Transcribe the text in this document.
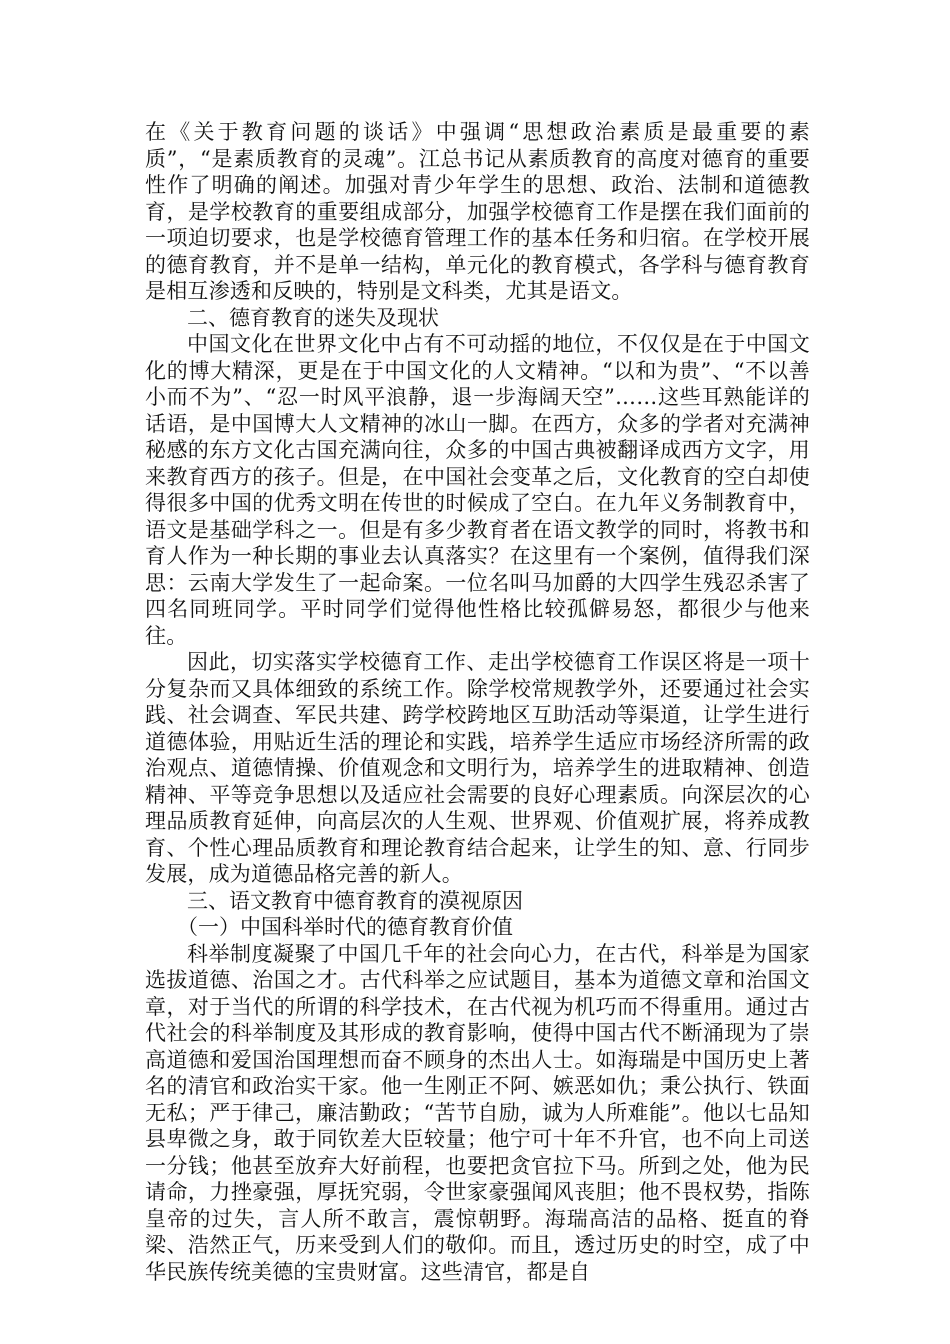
在《关于教育问题的谈话》中强调“思想政治素质是最重要的素质”，“是素质教育的灵魂”。江总书记从素质教育的高度对德育的重要性作了明确的阐述。加强对青少年学生的思想、政治、法制和道德教育，是学校教育的重要组成部分，加强学校德育工作是摆在我们面前的一项迫切要求，也是学校德育管理工作的基本任务和归宿。在学校开展的德育教育，并不是单一结构，单元化的教育模式，各学科与德育教育是相互渗透和反映的，特别是文科类，尤其是语文。

二、德育教育的迷失及现状

中国文化在世界文化中占有不可动摇的地位，不仅仅是在于中国文化的博大精深，更是在于中国文化的人文精神。“以和为贵”、“不以善小而不为”、“忍一时风平浪静，退一步海阔天空”……这些耳熟能详的话语，是中国博大人文精神的冰山一脚。在西方，众多的学者对充满神秘感的东方文化古国充满向往，众多的中国古典被翻译成西方文字，用来教育西方的孩子。但是，在中国社会变革之后，文化教育的空白却使得很多中国的优秀文明在传世的时候成了空白。在九年义务制教育中，语文是基础学科之一。但是有多少教育者在语文教学的同时，将教书和育人作为一种长期的事业去认真落实？在这里有一个案例，值得我们深思：云南大学发生了一起命案。一位名叫马加爵的大四学生残忍杀害了四名同班同学。平时同学们觉得他性格比较孤僻易怒，都很少与他来往。

因此，切实落实学校德育工作、走出学校德育工作误区将是一项十分复杂而又具体细致的系统工作。除学校常规教学外，还要通过社会实践、社会调查、军民共建、跨学校跨地区互助活动等渠道，让学生进行道德体验，用贴近生活的理论和实践，培养学生适应市场经济所需的政治观点、道德情操、价值观念和文明行为，培养学生的进取精神、创造精神、平等竞争思想以及适应社会需要的良好心理素质。向深层次的心理品质教育延伸，向高层次的人生观、世界观、价值观扩展，将养成教育、个性心理品质教育和理论教育结合起来，让学生的知、意、行同步发展，成为道德品格完善的新人。

三、语文教育中德育教育的漠视原因

（一）中国科举时代的德育教育价值

科举制度凝聚了中国几千年的社会向心力，在古代，科举是为国家选拔道德、治国之才。古代科举之应试题目，基本为道德文章和治国文章，对于当代的所谓的科学技术，在古代视为机巧而不得重用。通过古代社会的科举制度及其形成的教育影响，使得中国古代不断涌现为了崇高道德和爱国治国理想而奋不顾身的杰出人士。如海瑞是中国历史上著名的清官和政治实干家。他一生刚正不阿、嫉恶如仇；秉公执行、铁面无私；严于律己，廉洁勤政；“苦节自励，诚为人所难能”。他以七品知县卑微之身，敢于同钦差大臣较量；他宁可十年不升官，也不向上司送一分钱；他甚至放弃大好前程，也要把贪官拉下马。所到之处，他为民请命，力挫豪强，厚抚究弱，令世家豪强闻风丧胆；他不畏权势，指陈皇帝的过失，言人所不敢言，震惊朝野。海瑞高洁的品格、挺直的脊梁、浩然正气，历来受到人们的敬仰。而且，透过历史的时空，成了中华民族传统美德的宝贵财富。这些清官，都是自
